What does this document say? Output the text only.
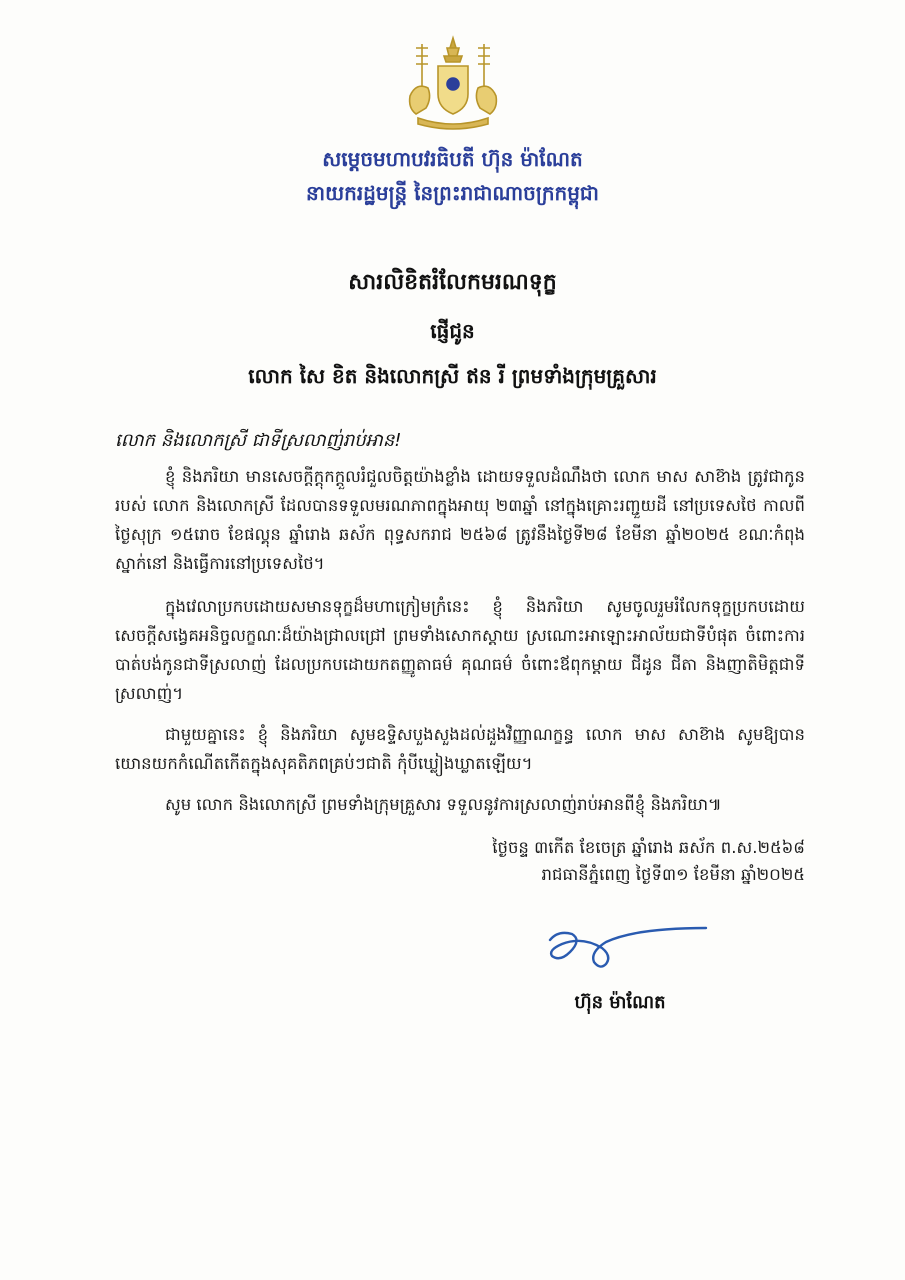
សម្តេចមហាបវរធិបតី ហ៊ុន ម៉ាណែត
នាយករដ្ឋមន្ត្រី នៃព្រះរាជាណាចក្រកម្ពុជា
សារលិខិតរំលែកមរណទុក្ខ
ផ្ញើជូន
លោក សៃ ខិត និងលោកស្រី ឥន រី ព្រមទាំងក្រុមគ្រួសារ
លោក និងលោកស្រី ជាទីស្រលាញ់រាប់អាន!
ខ្ញុំ និងភរិយា មានសេចក្តីក្តុកក្តួលរំជួលចិត្តយ៉ាងខ្លាំង ដោយទទួលដំណឹងថា លោក មាស សាខ៊ាង ត្រូវជាកូនរបស់ លោក និងលោកស្រី ដែលបានទទួលមរណភាពក្នុងអាយុ ២៣ឆ្នាំ នៅក្នុងគ្រោះរញ្ជួយដី នៅប្រទេសថៃ កាលពីថ្ងៃសុក្រ ១៥រោច ខែផល្គុន ឆ្នាំរោង ឆស័ក ពុទ្ធសករាជ ២៥៦៨ ត្រូវនឹងថ្ងៃទី២៨ ខែមីនា ឆ្នាំ២០២៥ ខណៈកំពុងស្នាក់នៅ និងធ្វើការនៅប្រទេសថៃ។
ក្នុងវេលាប្រកបដោយសមានទុក្ខដ៏មហាក្រៀមក្រំនេះ ខ្ញុំ និងភរិយា សូមចូលរួមរំលែកទុក្ខប្រកបដោយសេចក្តីសង្វេគអនិច្ចលក្ខណៈដ៏យ៉ាងជ្រាលជ្រៅ ព្រមទាំងសោកស្តាយ ស្រណោះអាឡោះអាល័យជាទីបំផុត ចំពោះការបាត់បង់កូនជាទីស្រលាញ់ ដែលប្រកបដោយកតញ្ញូតាធម៌ គុណធម៌ ចំពោះឪពុកម្តាយ ជីដូន ជីតា និងញាតិមិត្តជាទីស្រលាញ់។
ជាមួយគ្នានេះ ខ្ញុំ និងភរិយា សូមឧទ្ទិសបួងសួងដល់ដួងវិញ្ញាណក្ខន្ធ លោក មាស សាខ៊ាង សូមឱ្យបានយោនយកកំណើតកើតក្នុងសុគតិភពគ្រប់ៗជាតិ កុំបីឃ្លៀងឃ្លាតឡើយ។
សូម លោក និងលោកស្រី ព្រមទាំងក្រុមគ្រួសារ ទទួលនូវការស្រលាញ់រាប់អានពីខ្ញុំ និងភរិយា៕
ថ្ងៃចន្ទ ៣កើត ខែចេត្រ ឆ្នាំរោង ឆស័ក ព.ស.២៥៦៨
រាជធានីភ្នំពេញ ថ្ងៃទី៣១ ខែមីនា ឆ្នាំ២០២៥
ហ៊ុន ម៉ាណែត
